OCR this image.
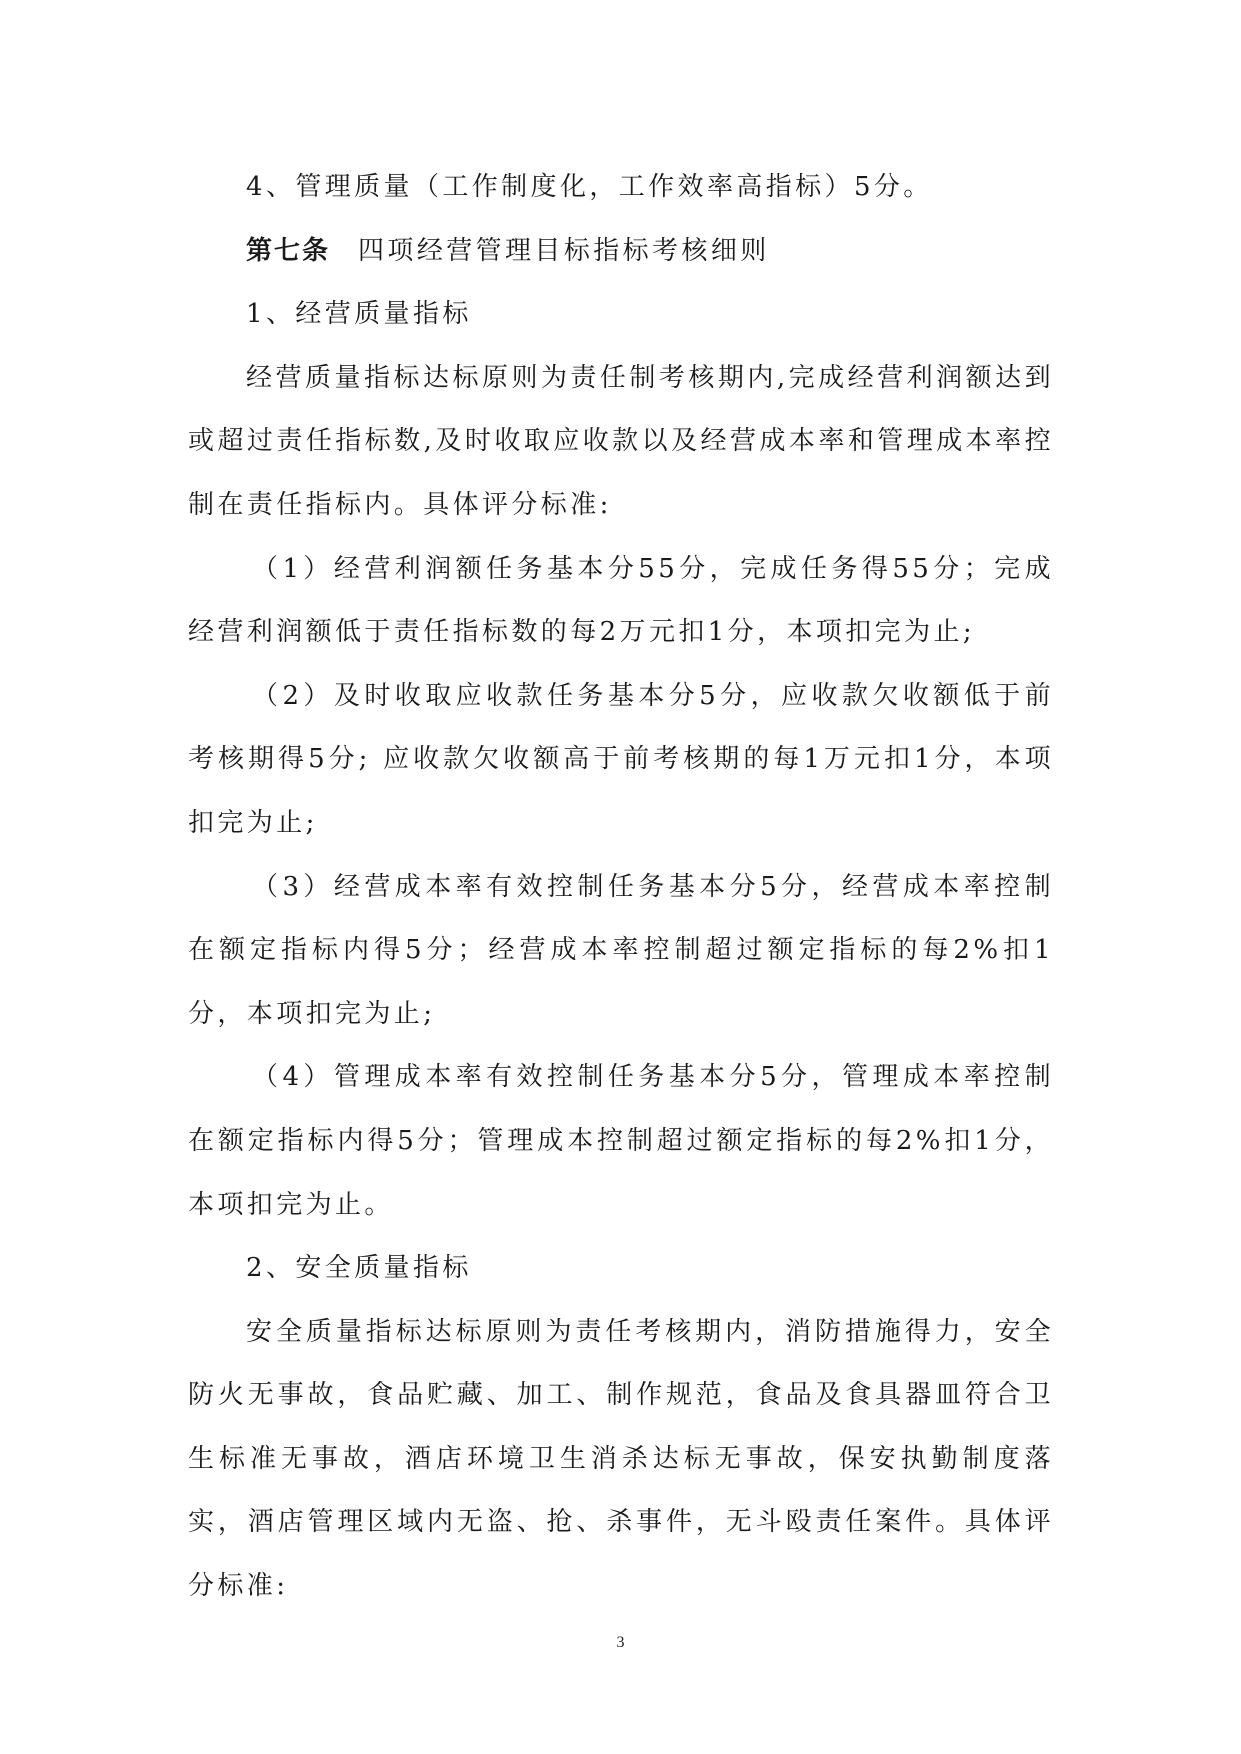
4、管理质量（工作制度化，工作效率高指标）5分。

第七条 四项经营管理目标指标考核细则

1、经营质量指标

经营质量指标达标原则为责任制考核期内,完成经营利润额达到或超过责任指标数,及时收取应收款以及经营成本率和管理成本率控制在责任指标内。具体评分标准:

（1）经营利润额任务基本分55分，完成任务得55分；完成经营利润额低于责任指标数的每2万元扣1分，本项扣完为止;

（2）及时收取应收款任务基本分5分，应收款欠收额低于前考核期得5分; 应收款欠收额高于前考核期的每1万元扣1分，本项扣完为止;

（3）经营成本率有效控制任务基本分5分，经营成本率控制在额定指标内得5分；经营成本率控制超过额定指标的每2%扣1分，本项扣完为止;

（4）管理成本率有效控制任务基本分5分，管理成本率控制在额定指标内得5分；管理成本控制超过额定指标的每2%扣1分，本项扣完为止。

2、安全质量指标

安全质量指标达标原则为责任考核期内，消防措施得力，安全防火无事故，食品贮藏、加工、制作规范，食品及食具器皿符合卫生标准无事故，酒店环境卫生消杀达标无事故，保安执勤制度落实，酒店管理区域内无盗、抢、杀事件，无斗殴责任案件。具体评分标准:

3
